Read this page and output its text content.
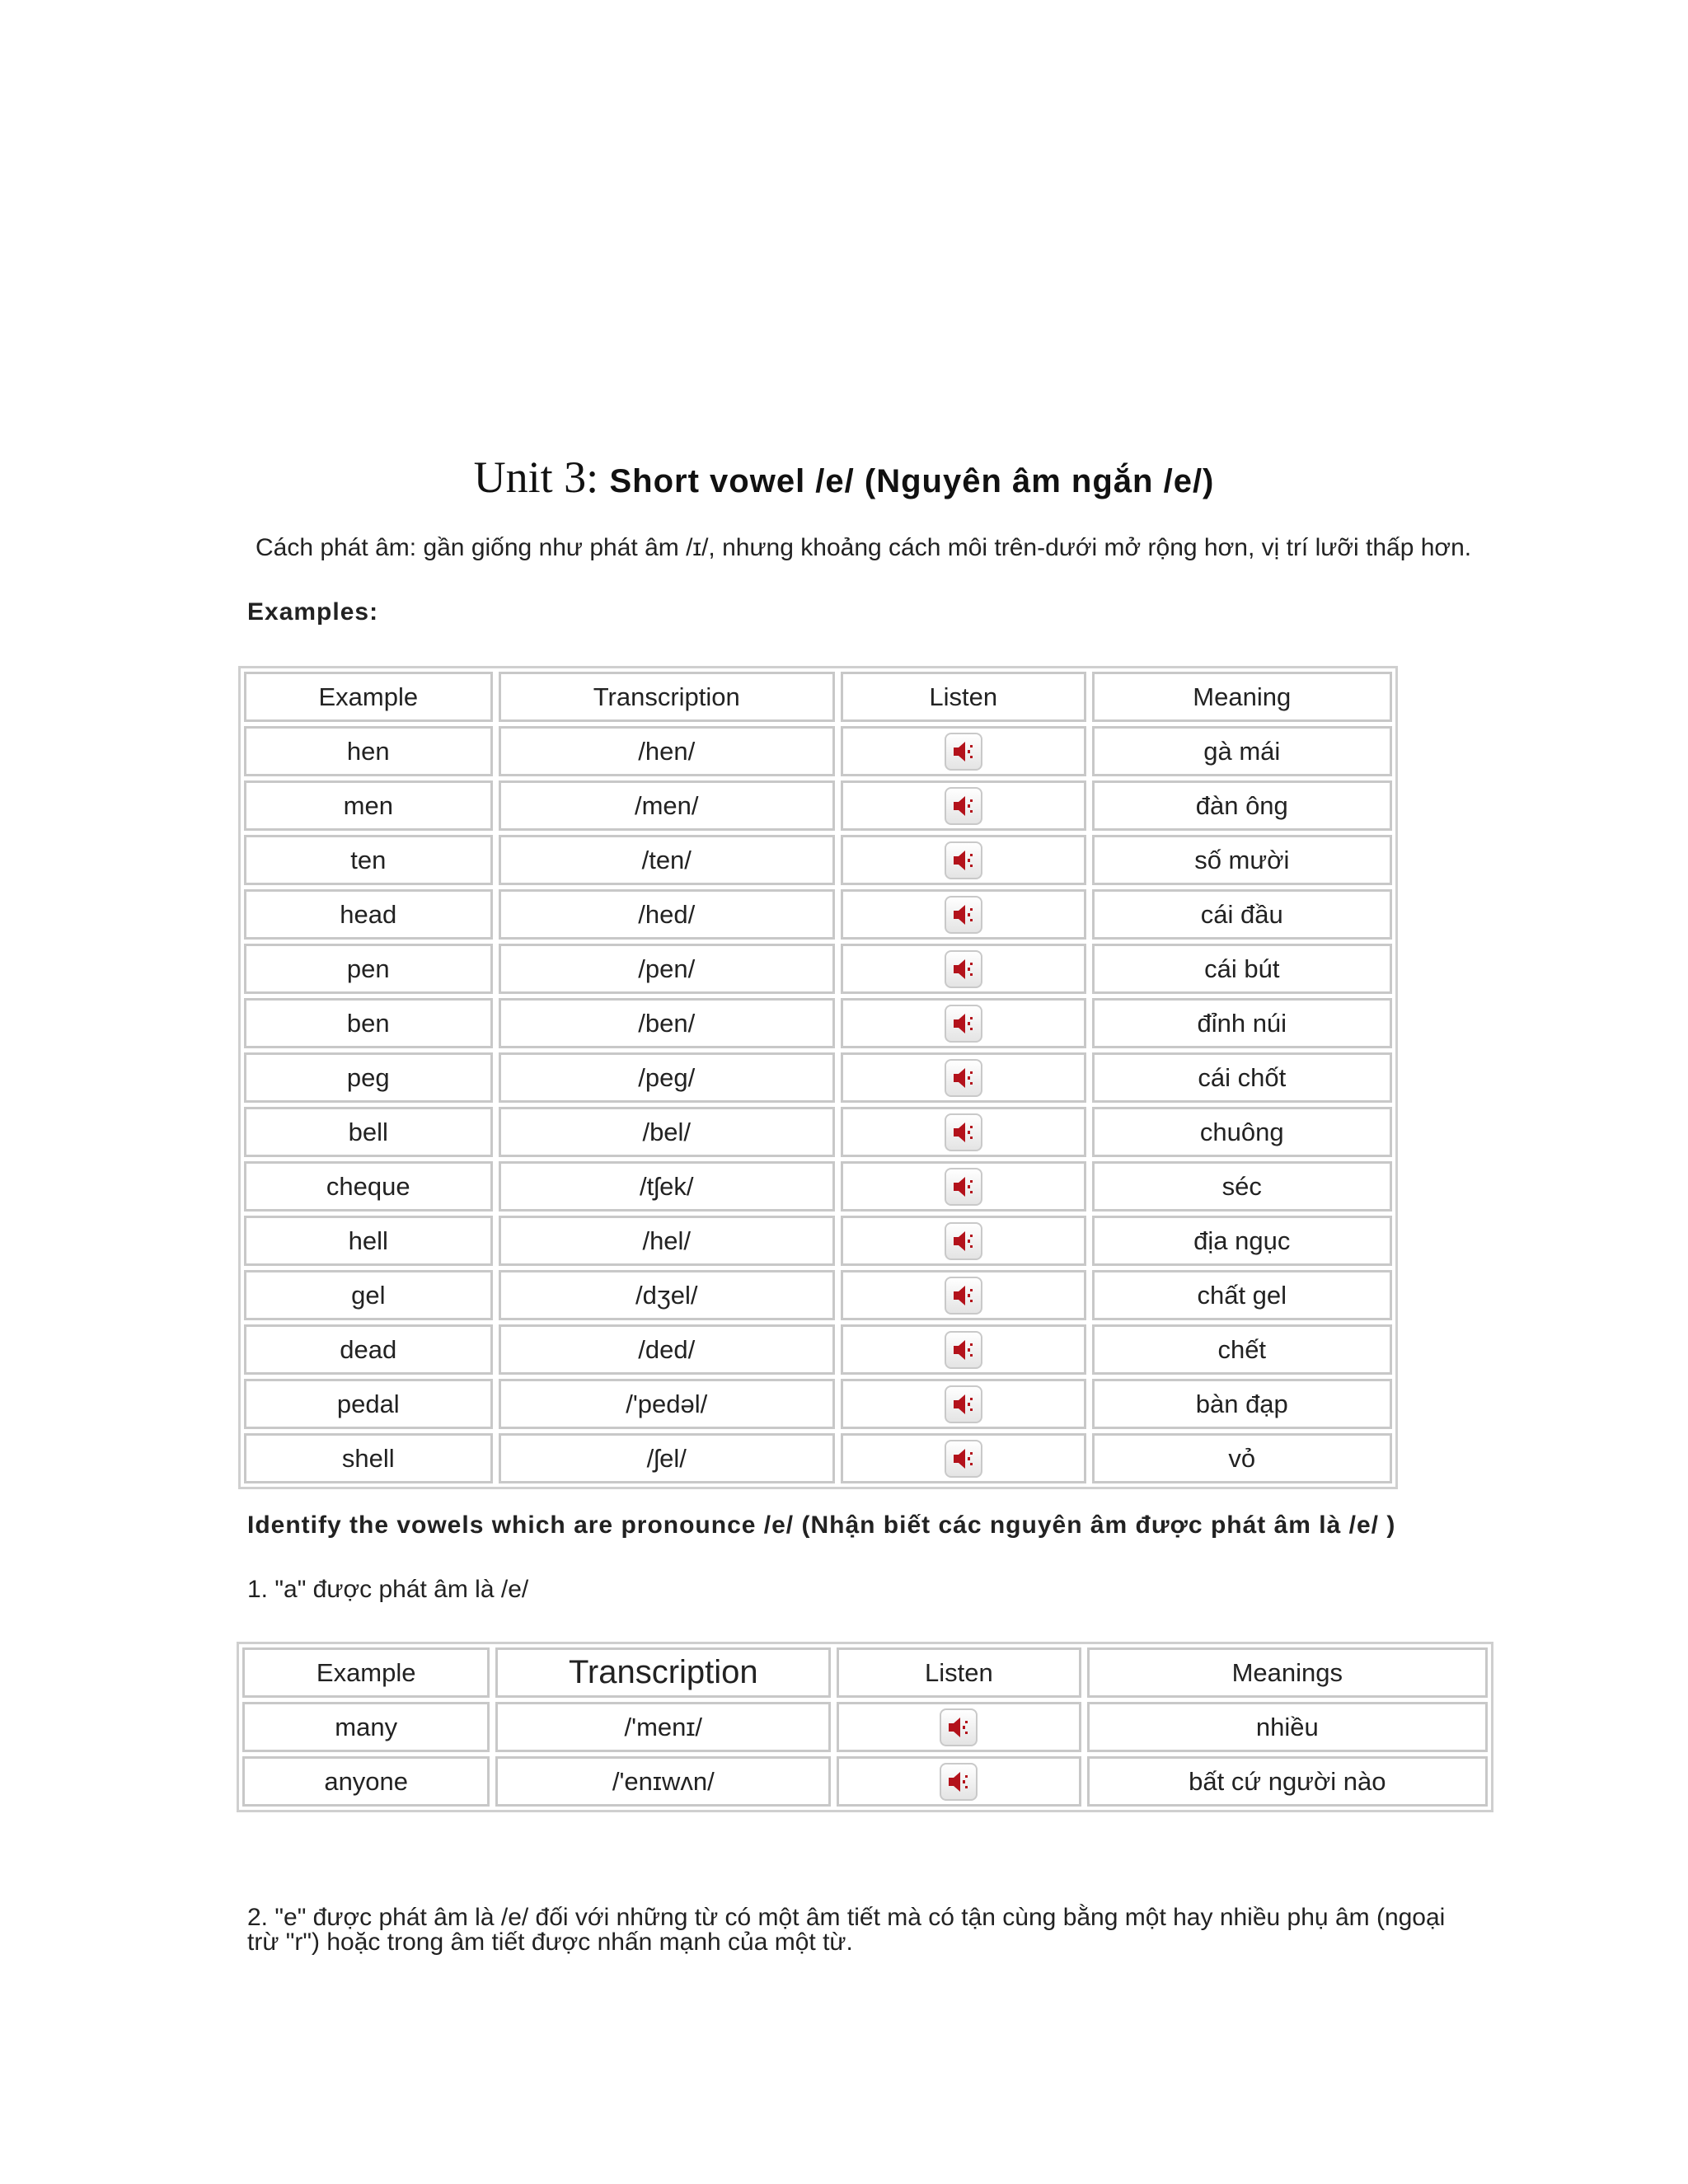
Unit 3: Short vowel /e/ (Nguyên âm ngắn /e/)
Cách phát âm: gần giống như phát âm /ɪ/, nhưng khoảng cách môi trên-dưới mở rộng hơn, vị trí lưỡi thấp hơn.
Examples:
Example	Transcription	Listen	Meaning
hen	/hen/	gà mái
men	/men/	đàn ông
ten	/ten/	số mười
head	/hed/	cái đầu
pen	/pen/	cái bút
ben	/ben/	đỉnh núi
peg	/peg/	cái chốt
bell	/bel/	chuông
cheque	/tʃek/	séc
hell	/hel/	địa ngục
gel	/dʒel/	chất gel
dead	/ded/	chết
pedal	/'pedəl/	bàn đạp
shell	/ʃel/	vỏ
Identify the vowels which are pronounce /e/ (Nhận biết các nguyên âm được phát âm là /e/ )
1. "a" được phát âm là /e/
Example	Transcription	Listen	Meanings
many	/'menɪ/	nhiều
anyone	/'enɪwʌn/	bất cứ người nào
2. "e" được phát âm là /e/ đối với những từ có một âm tiết mà có tận cùng bằng một hay nhiều phụ âm (ngoại trừ "r") hoặc trong âm tiết được nhấn mạnh của một từ.
